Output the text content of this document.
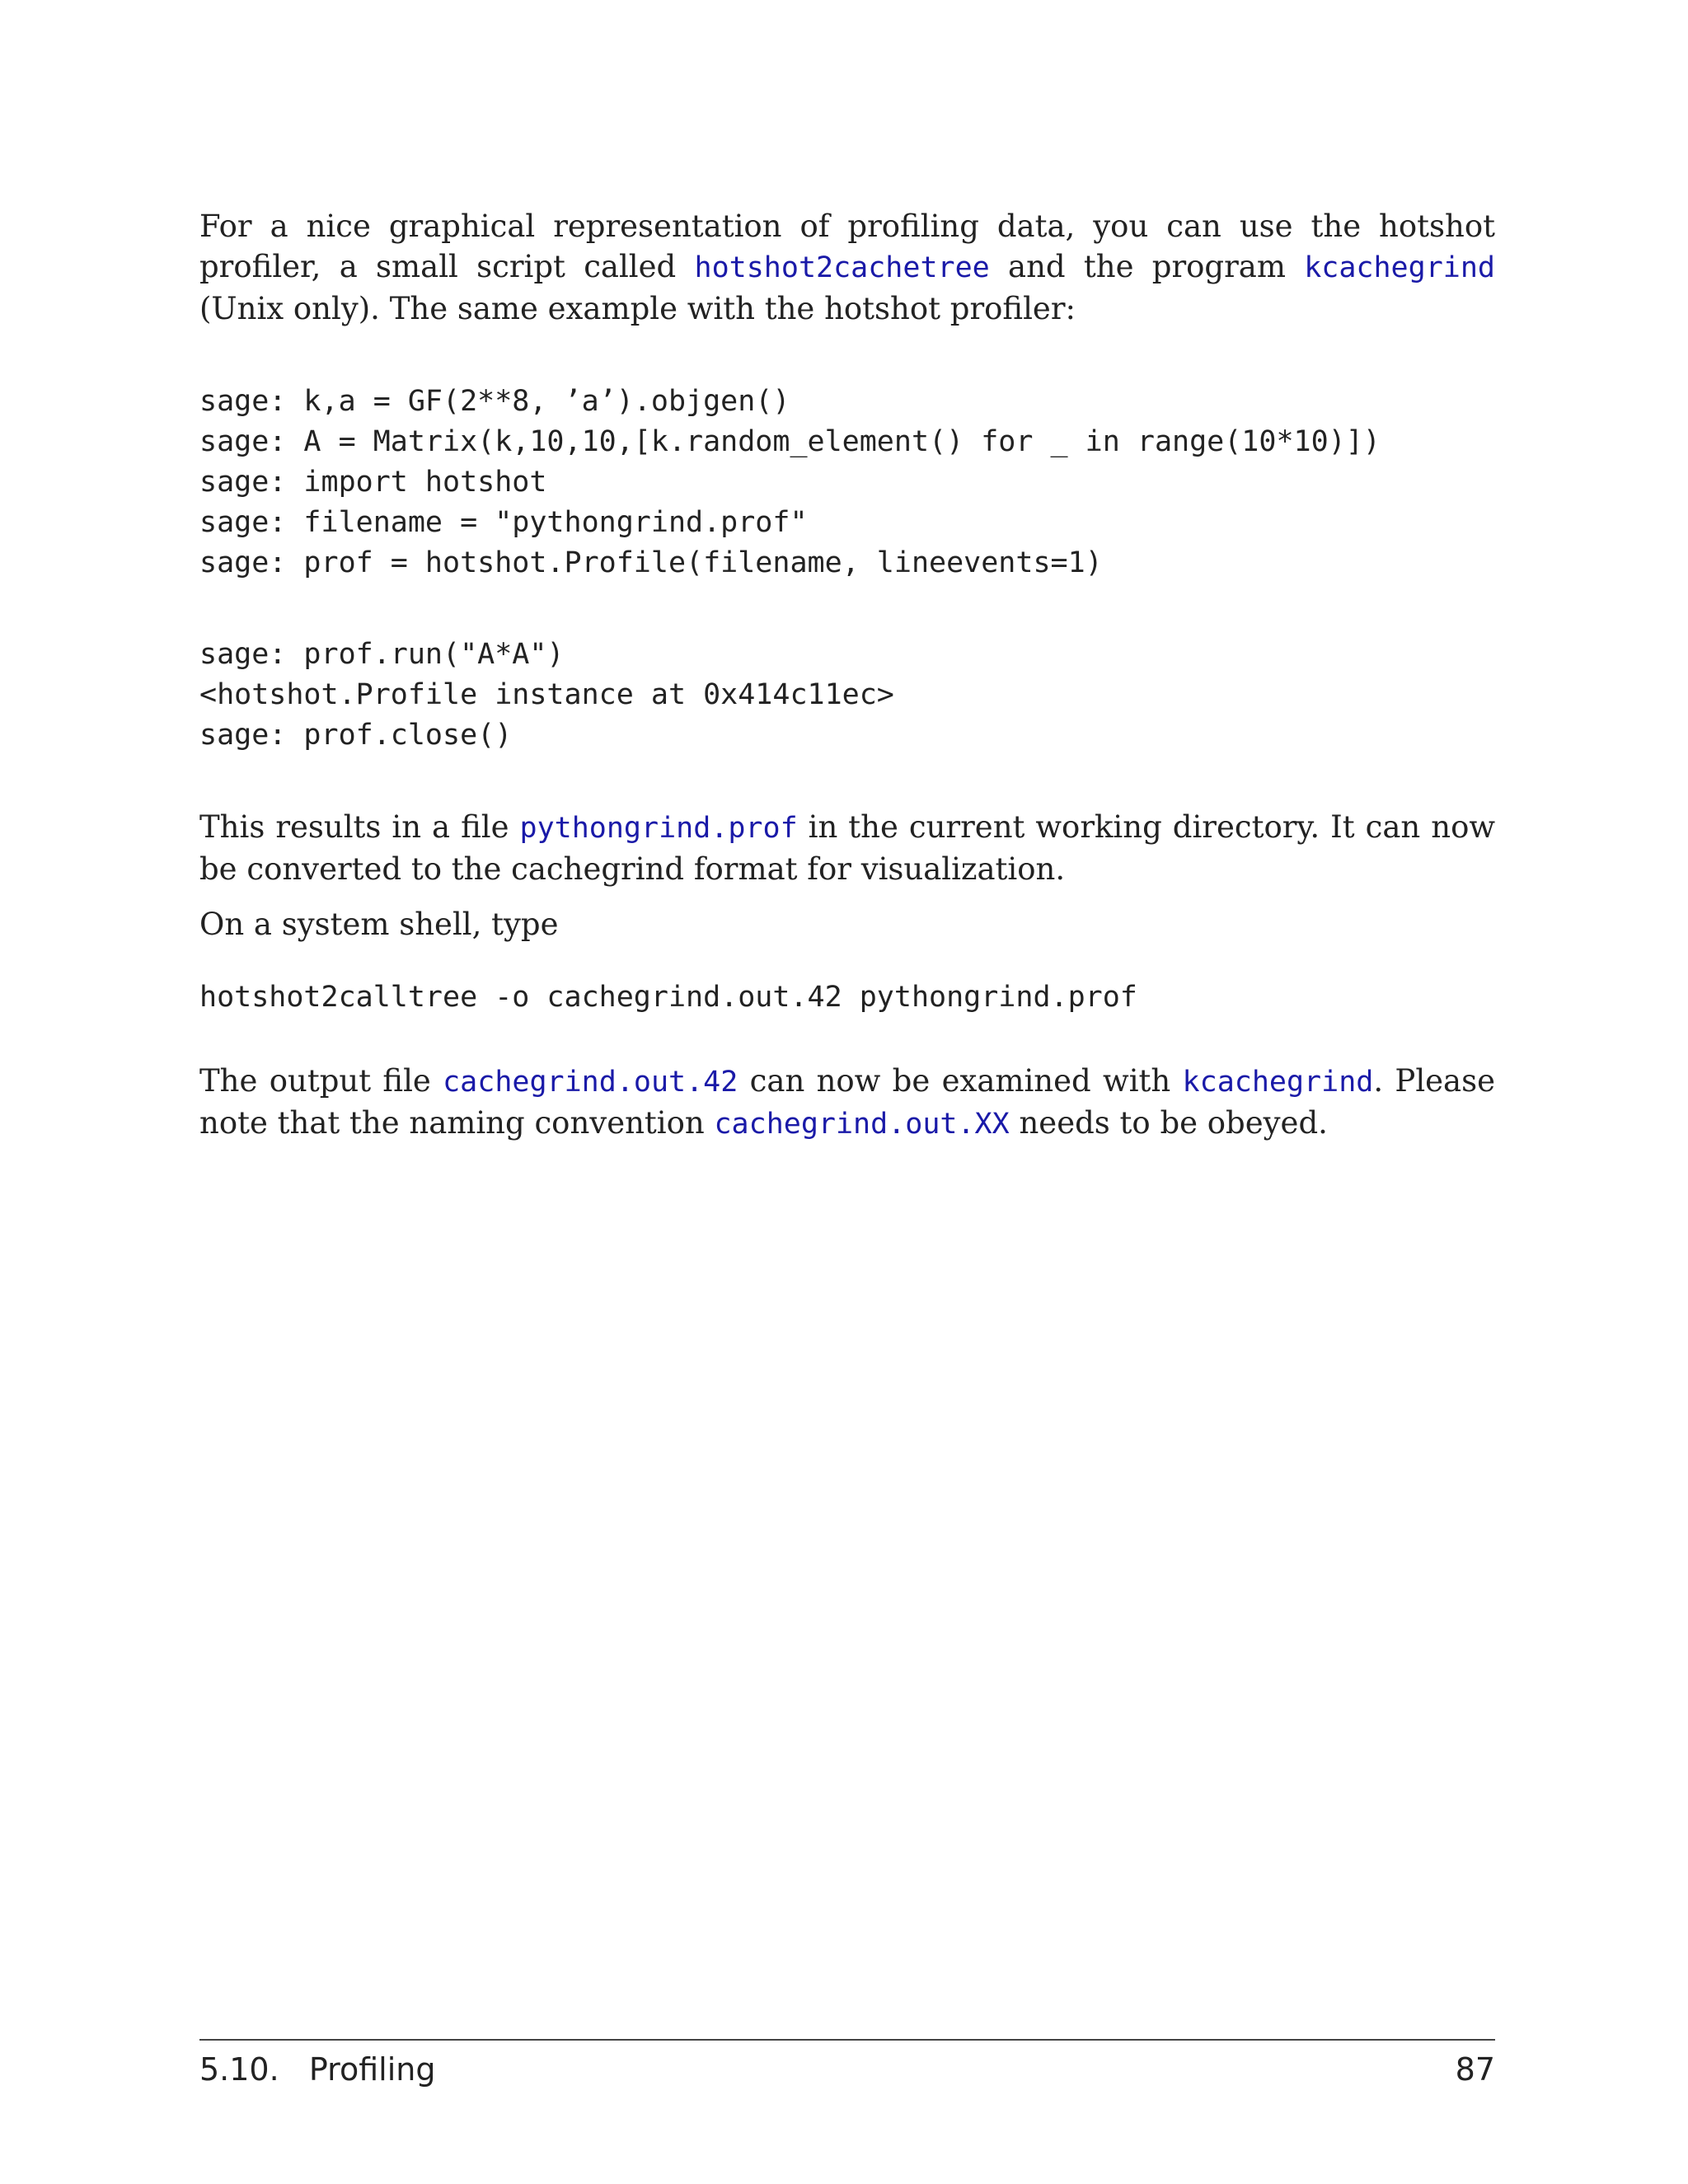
For a nice graphical representation of profiling data, you can use the hotshot profiler, a small script called hotshot2cachetree and the program kcachegrind (Unix only). The same example with the hotshot profiler:

sage: k,a = GF(2**8, ’a’).objgen()
sage: A = Matrix(k,10,10,[k.random_element() for _ in range(10*10)])
sage: import hotshot
sage: filename = "pythongrind.prof"
sage: prof = hotshot.Profile(filename, lineevents=1)
sage: prof.run("A*A")
<hotshot.Profile instance at 0x414c11ec>
sage: prof.close()

This results in a file pythongrind.prof in the current working directory. It can now be converted to the cachegrind format for visualization.

On a system shell, type

hotshot2calltree -o cachegrind.out.42 pythongrind.prof

The output file cachegrind.out.42 can now be examined with kcachegrind. Please note that the naming convention cachegrind.out.XX needs to be obeyed.

5.10.   Profiling	87
